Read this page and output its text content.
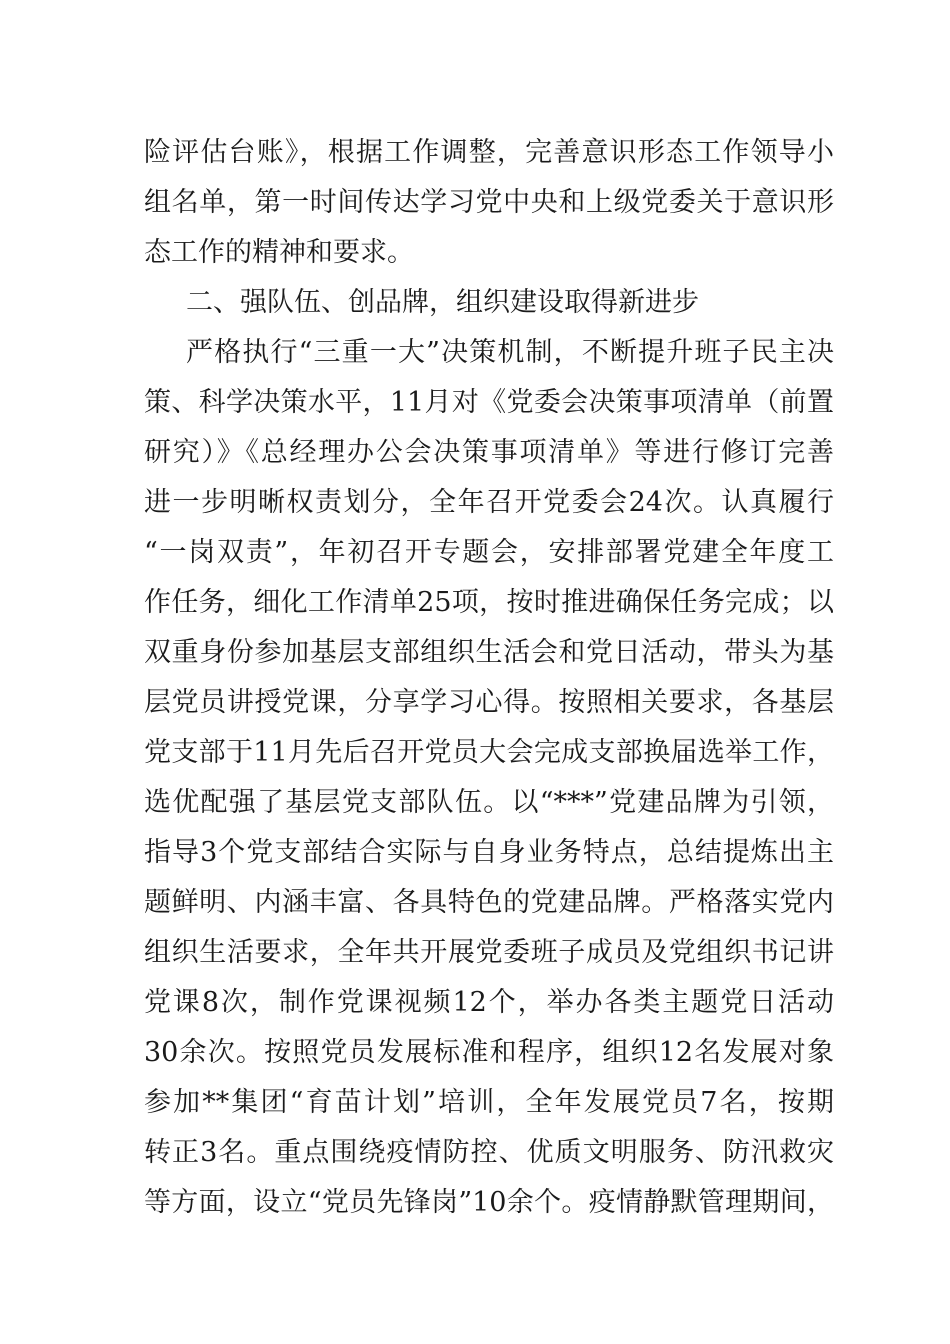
险评估台账》，根据工作调整，完善意识形态工作领导小
组名单，第一时间传达学习党中央和上级党委关于意识形
态工作的精神和要求。
二、强队伍、创品牌，组织建设取得新进步
严格执行“三重一大”决策机制，不断提升班子民主决
策、科学决策水平，11月对《党委会决策事项清单（前置
研究）》《总经理办公会决策事项清单》等进行修订完善
进一步明晰权责划分，全年召开党委会24次。认真履行
“一岗双责”，年初召开专题会，安排部署党建全年度工
作任务，细化工作清单25项，按时推进确保任务完成；以
双重身份参加基层支部组织生活会和党日活动，带头为基
层党员讲授党课，分享学习心得。按照相关要求，各基层
党支部于11月先后召开党员大会完成支部换届选举工作，
选优配强了基层党支部队伍。以“***”党建品牌为引领，
指导3个党支部结合实际与自身业务特点，总结提炼出主
题鲜明、内涵丰富、各具特色的党建品牌。严格落实党内
组织生活要求，全年共开展党委班子成员及党组织书记讲
党课8次，制作党课视频12个，举办各类主题党日活动
30余次。按照党员发展标准和程序，组织12名发展对象
参加**集团“育苗计划”培训，全年发展党员7名，按期
转正3名。重点围绕疫情防控、优质文明服务、防汛救灾
等方面，设立“党员先锋岗”10余个。疫情静默管理期间，
